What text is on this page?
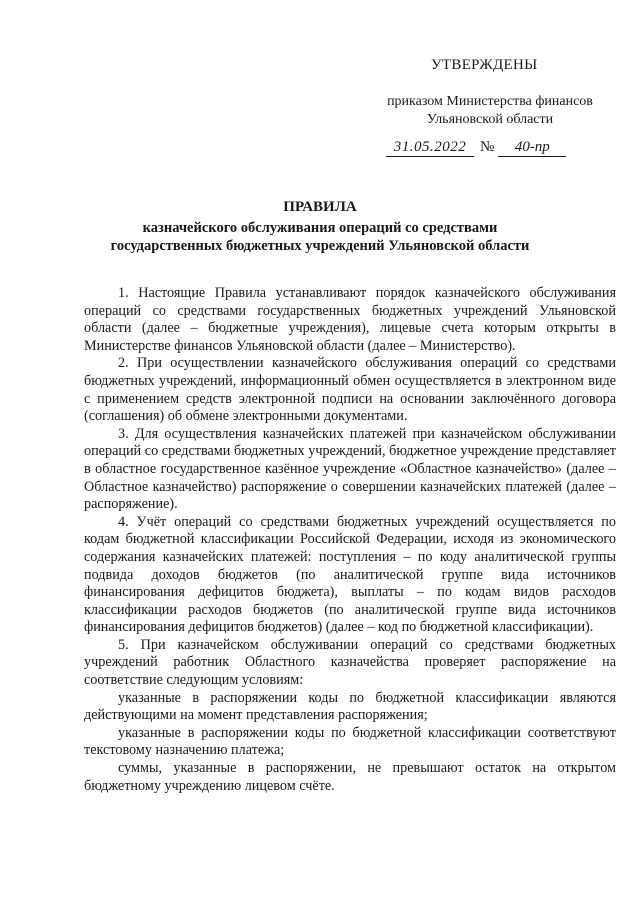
УТВЕРЖДЕНЫ
приказом Министерства финансов
Ульяновской области
31.05.2022 № 40-пр
ПРАВИЛА
казначейского обслуживания операций со средствами
государственных бюджетных учреждений Ульяновской области

1. Настоящие Правила устанавливают порядок казначейского обслуживания операций со средствами государственных бюджетных учреждений Ульяновской области (далее – бюджетные учреждения), лицевые счета которым открыты в Министерстве финансов Ульяновской области (далее – Министерство).

2. При осуществлении казначейского обслуживания операций со средствами бюджетных учреждений, информационный обмен осуществляется в электронном виде с применением средств электронной подписи на основании заключённого договора (соглашения) об обмене электронными документами.

3. Для осуществления казначейских платежей при казначейском обслуживании операций со средствами бюджетных учреждений, бюджетное учреждение представляет в областное государственное казённое учреждение «Областное казначейство» (далее – Областное казначейство) распоряжение о совершении казначейских платежей (далее – распоряжение).

4. Учёт операций со средствами бюджетных учреждений осуществляется по кодам бюджетной классификации Российской Федерации, исходя из экономического содержания казначейских платежей: поступления – по коду аналитической группы подвида доходов бюджетов (по аналитической группе вида источников финансирования дефицитов бюджета), выплаты – по кодам видов расходов классификации расходов бюджетов (по аналитической группе вида источников финансирования дефицитов бюджетов) (далее – код по бюджетной классификации).

5. При казначейском обслуживании операций со средствами бюджетных учреждений работник Областного казначейства проверяет распоряжение на соответствие следующим условиям:

указанные в распоряжении коды по бюджетной классификации являются действующими на момент представления распоряжения;

указанные в распоряжении коды по бюджетной классификации соответствуют текстовому назначению платежа;

суммы, указанные в распоряжении, не превышают остаток на открытом бюджетному учреждению лицевом счёте.
